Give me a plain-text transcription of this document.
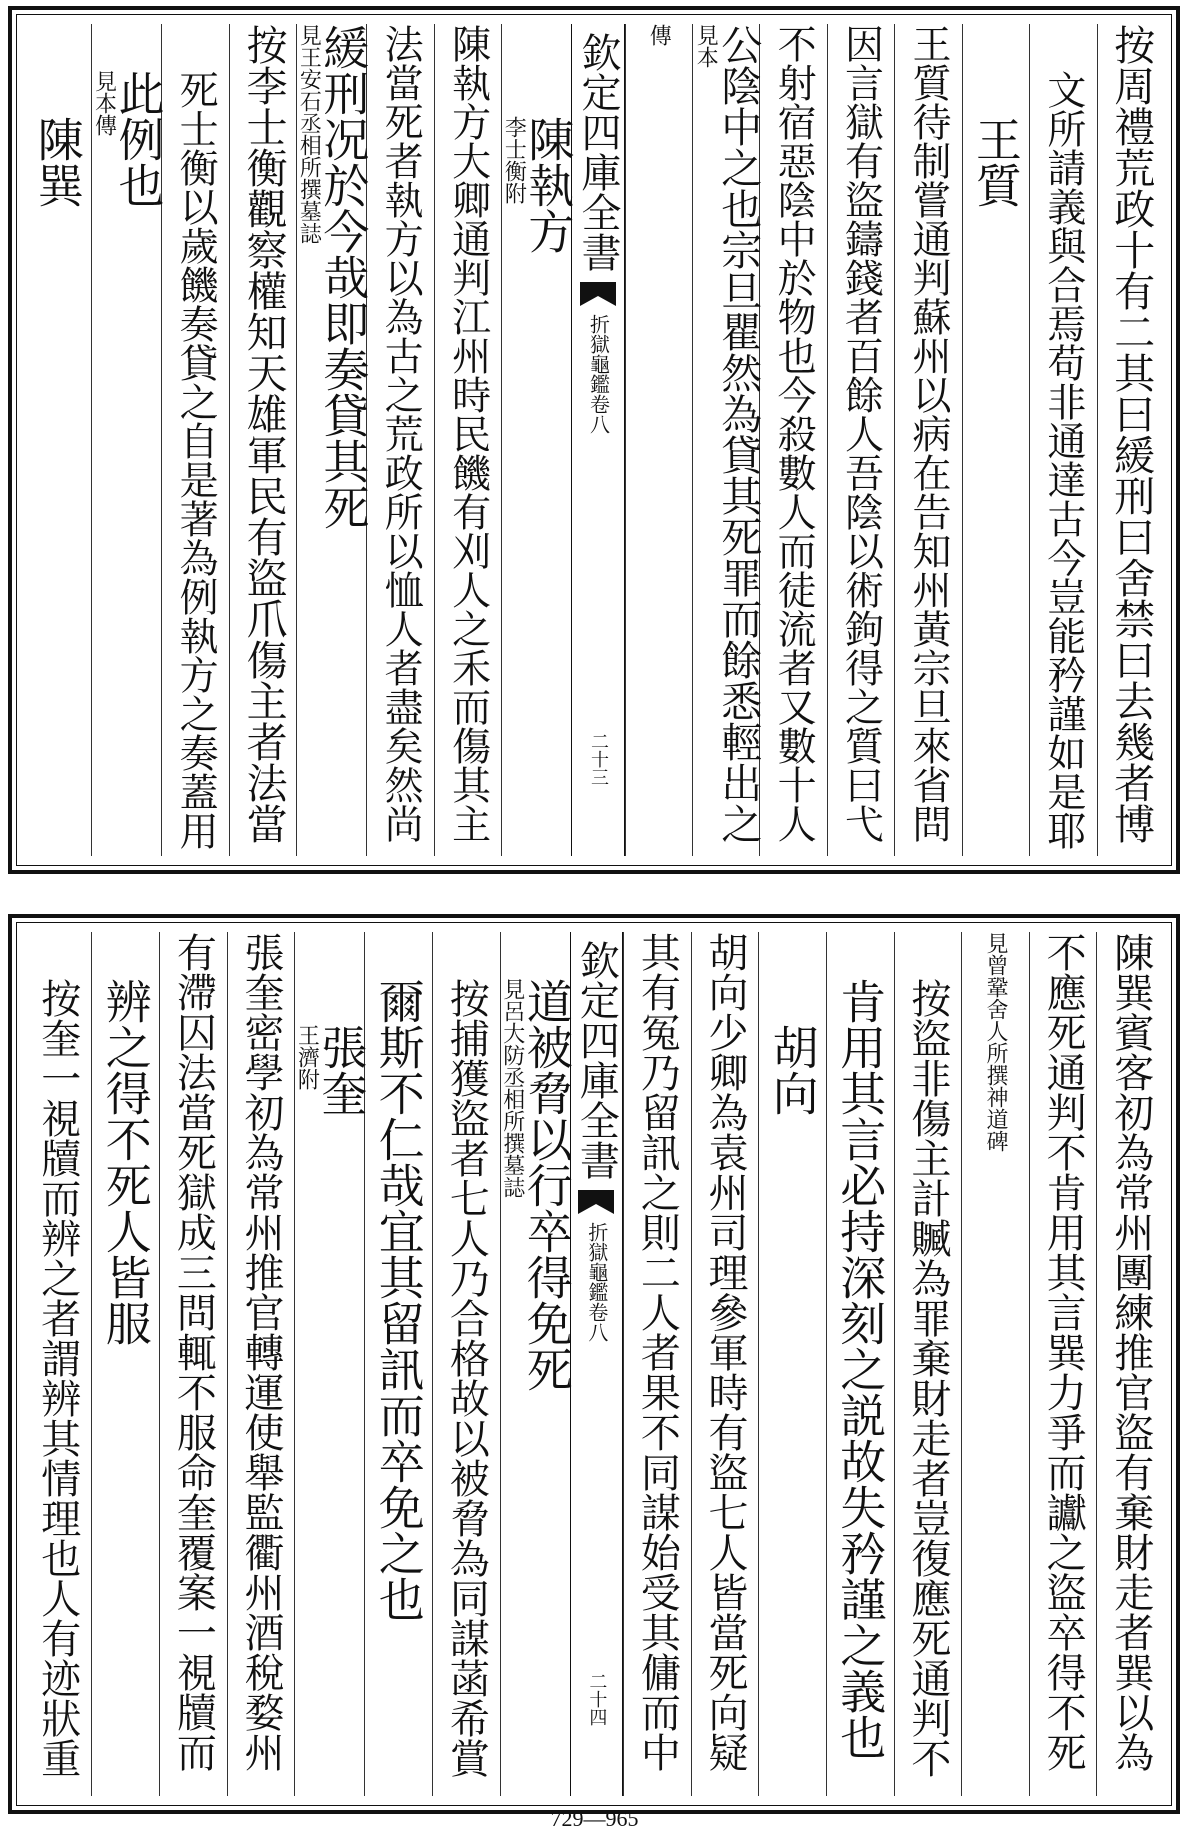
按周禮荒政十有二其曰緩刑曰舍禁曰去幾者博
文所請義與合焉苟非通達古今豈能矜謹如是耶
王質
王質待制嘗通判蘇州以病在告知州黃宗旦來省問
因言獄有盜鑄錢者百餘人吾陰以術鉤得之質曰弋
不射宿惡陰中於物也今殺數人而徒流者又數十人
公陰中之也宗旦瞿然為貸其死罪而餘悉輕出之
見本
傳
欽定四庫全書
折獄龜鑑
卷八
二十三
陳執方
李士衡附
陳執方大卿通判江州時民饑有刈人之禾而傷其主
法當死者執方以為古之荒政所以恤人者盡矣然尚
緩刑况於今哉即奏貸其死
見王安石丞相所撰墓誌
按李士衡觀察權知天雄軍民有盜爪傷主者法當
死士衡以歲饑奏貸之自是著為例執方之奏蓋用
此例也
見本傳
陳巽
陳巽賓客初為常州團練推官盜有棄財走者巽以為
不應死通判不肯用其言巽力爭而讞之盜卒得不死
見曾鞏舍人所撰神道碑
按盜非傷主計贓為罪棄財走者豈復應死通判不
肯用其言必持深刻之説故失矜謹之義也
胡向
胡向少卿為袁州司理參軍時有盜七人皆當死向疑
其有冤乃留訊之則二人者果不同謀始受其傭而中
欽定四庫全書
折獄龜鑑
卷八
二十四
道被脅以行卒得免死
見呂大防丞相所撰墓誌
按捕獲盜者七人乃合格故以被脅為同謀菡希賞
爾斯不仁哉宜其留訊而卒免之也
張奎
王濟附
張奎密學初為常州推官轉運使舉監衢州酒稅婺州
有滯囚法當死獄成三問輒不服命奎覆案一視牘而
辨之得不死人皆服
按奎一視牘而辨之者謂辨其情理也人有迹狀重
729—965
